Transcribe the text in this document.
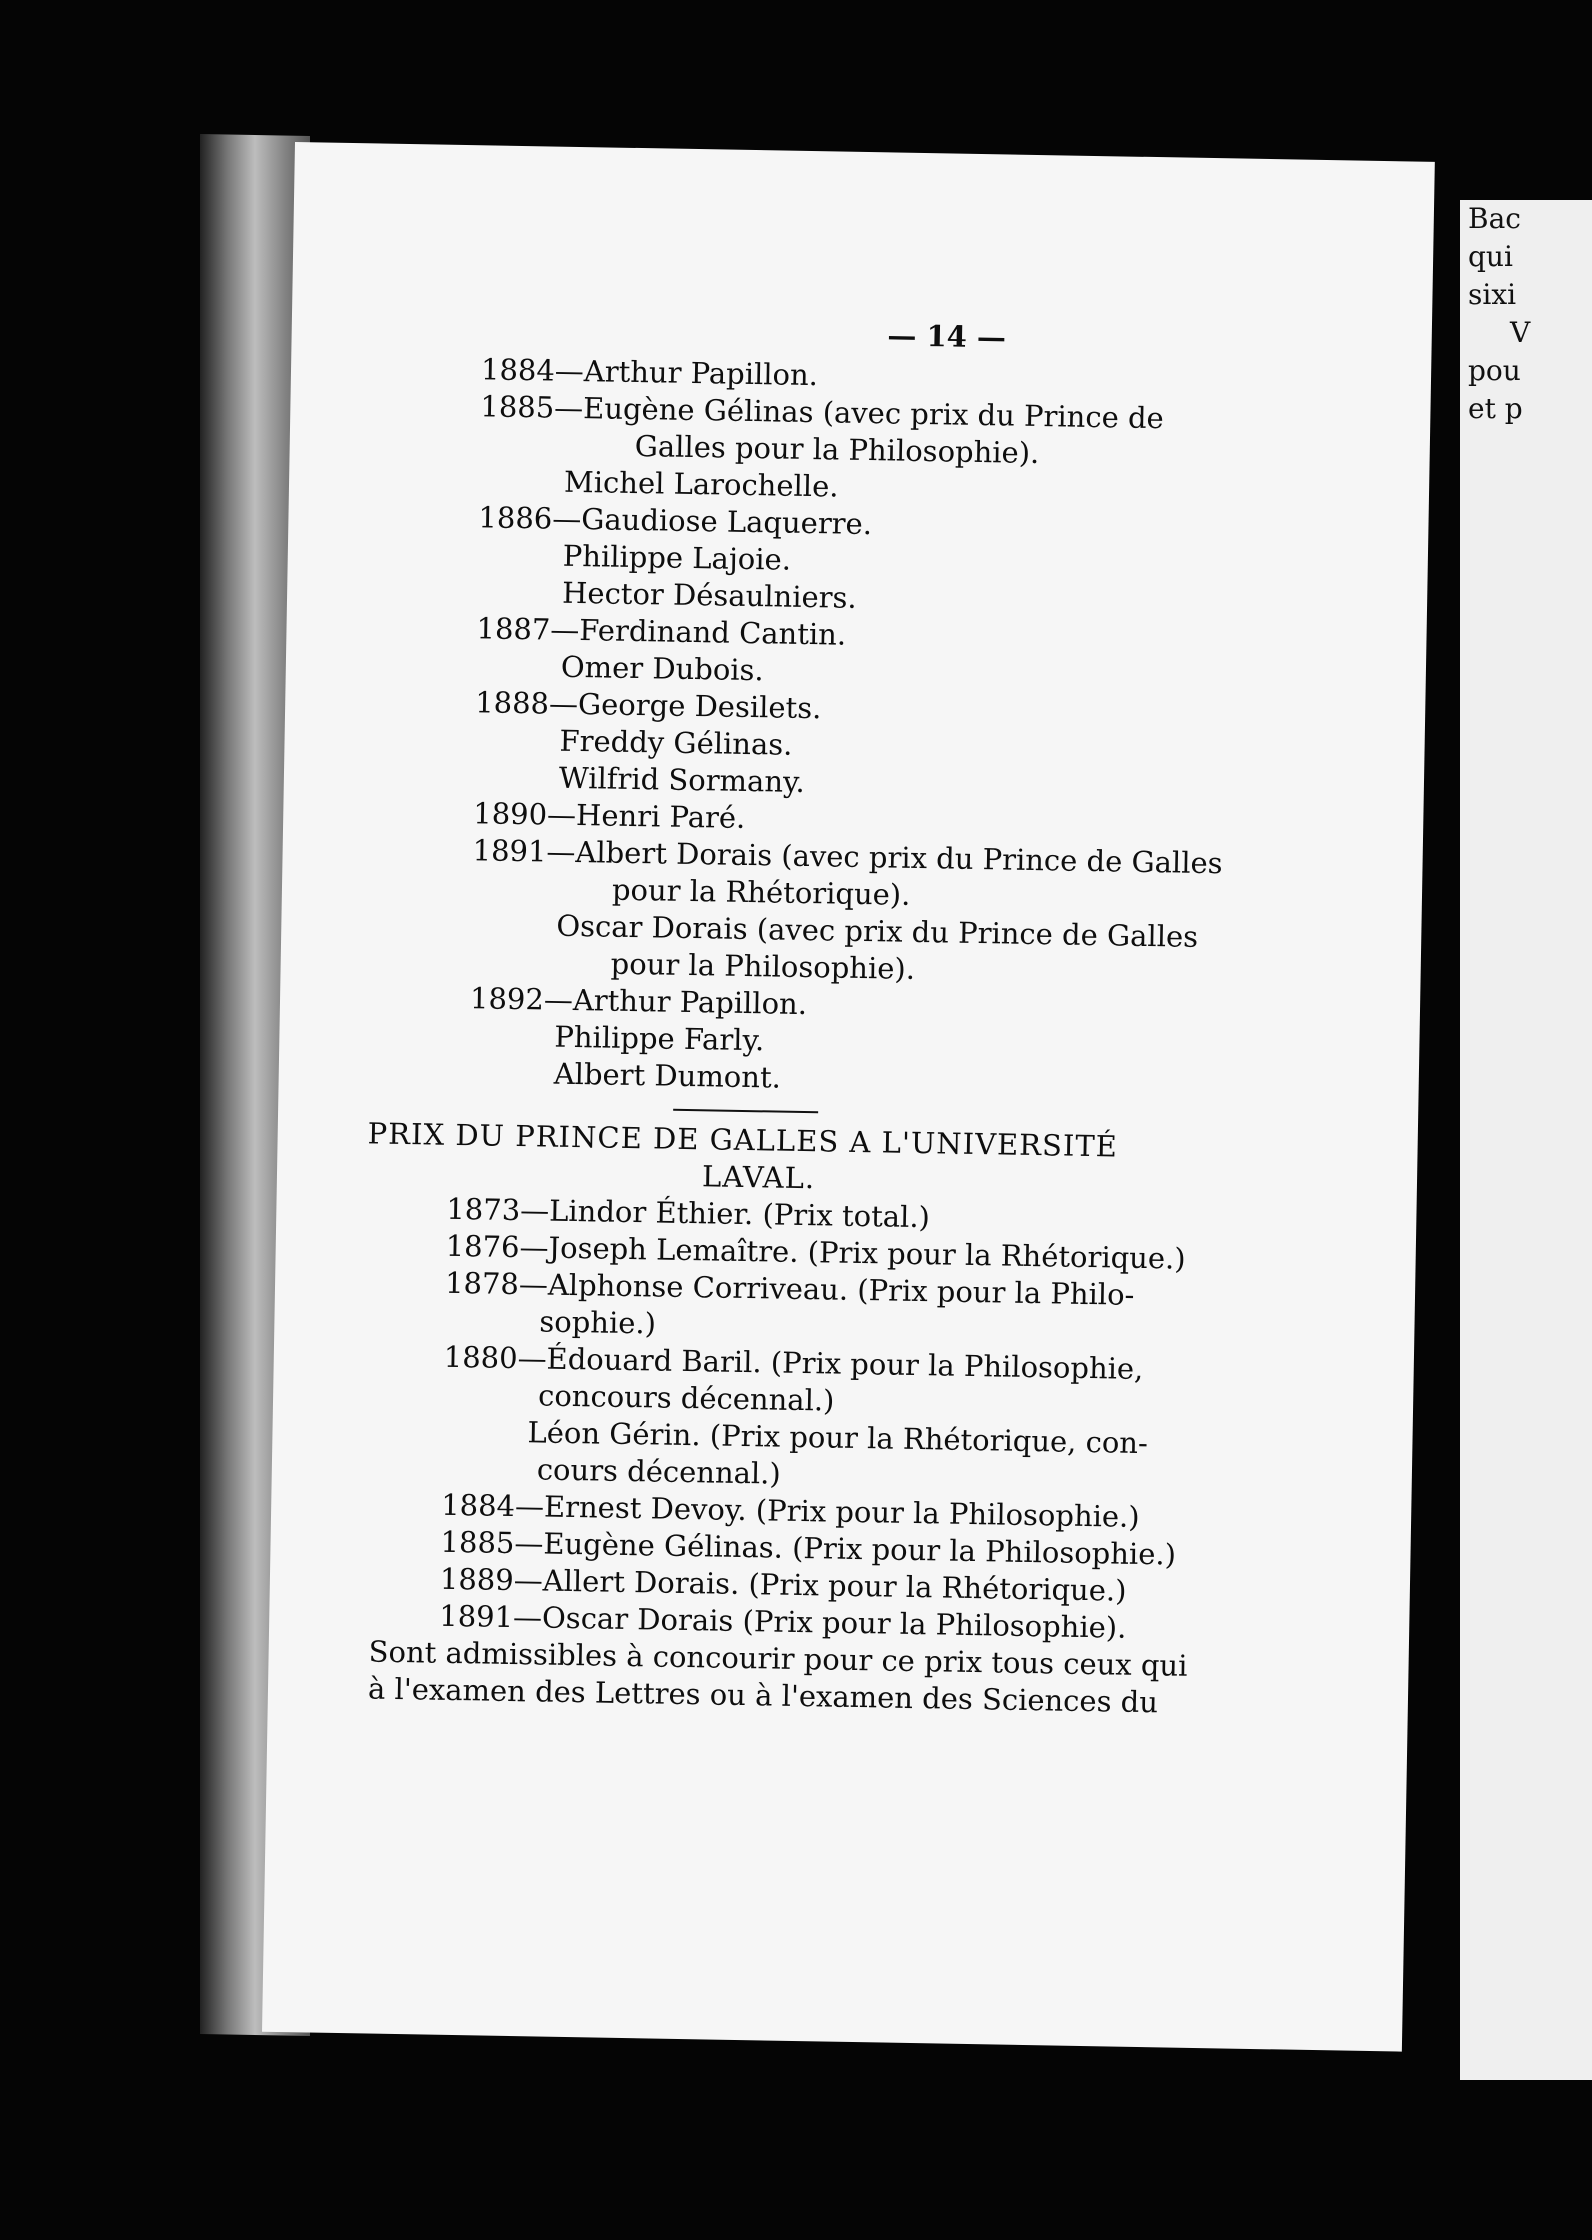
Bac
qui
sixi
V
pou
et p
— 14 —
1884—Arthur Papillon.
1885—Eugène Gélinas (avec prix du Prince de
Galles pour la Philosophie).
Michel Larochelle.
1886—Gaudiose Laquerre.
Philippe Lajoie.
Hector Désaulniers.
1887—Ferdinand Cantin.
Omer Dubois.
1888—George Desilets.
Freddy Gélinas.
Wilfrid Sormany.
1890—Henri Paré.
1891—Albert Dorais (avec prix du Prince de Galles
pour la Rhétorique).
Oscar Dorais (avec prix du Prince de Galles
pour la Philosophie).
1892—Arthur Papillon.
Philippe Farly.
Albert Dumont.
PRIX DU PRINCE DE GALLES A L'UNIVERSITÉ
LAVAL.
1873—Lindor Éthier. (Prix total.)
1876—Joseph Lemaître. (Prix pour la Rhétorique.)
1878—Alphonse Corriveau. (Prix pour la Philo-
sophie.)
1880—Édouard Baril. (Prix pour la Philosophie,
concours décennal.)
Léon Gérin. (Prix pour la Rhétorique, con-
cours décennal.)
1884—Ernest Devoy. (Prix pour la Philosophie.)
1885—Eugène Gélinas. (Prix pour la Philosophie.)
1889—Allert Dorais. (Prix pour la Rhétorique.)
1891—Oscar Dorais (Prix pour la Philosophie).
Sont admissibles à concourir pour ce prix tous ceux qui
à l'examen des Lettres ou à l'examen des Sciences du
